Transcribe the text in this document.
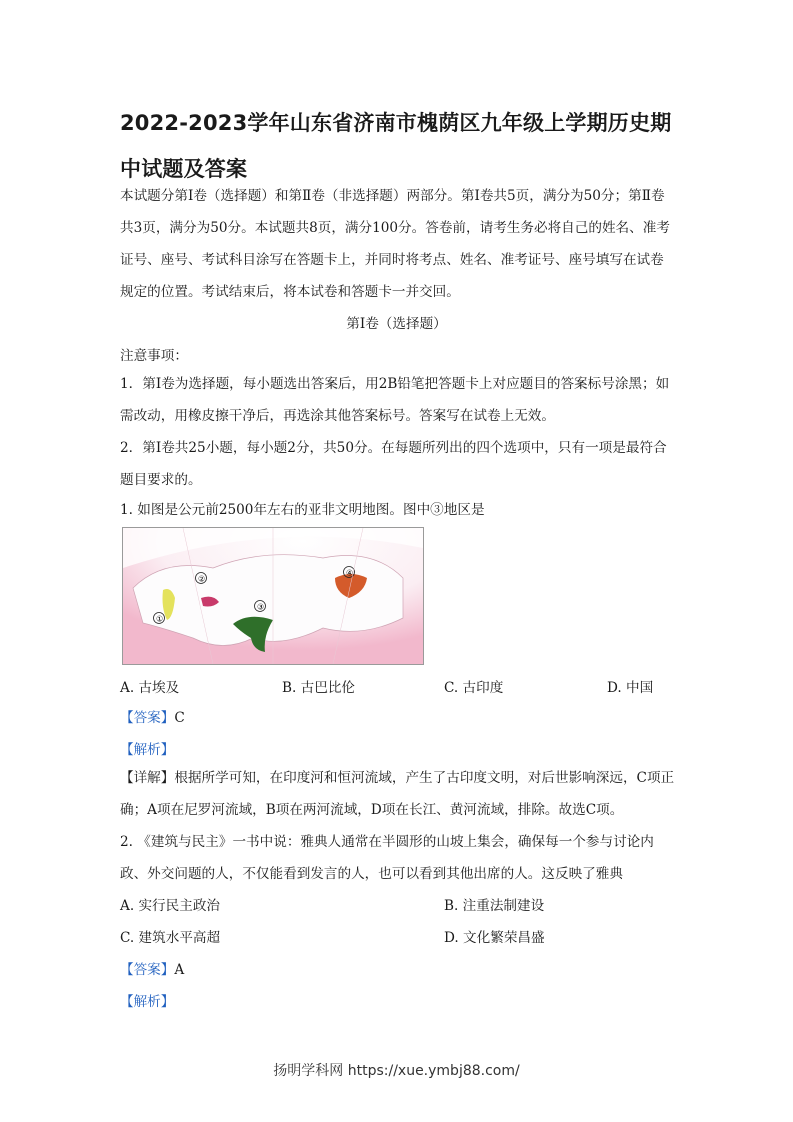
2022-2023学年山东省济南市槐荫区九年级上学期历史期中试题及答案
本试题分第Ⅰ卷（选择题）和第Ⅱ卷（非选择题）两部分。第Ⅰ卷共5页，满分为50分；第Ⅱ卷共3页，满分为50分。本试题共8页，满分100分。答卷前，请考生务必将自己的姓名、准考证号、座号、考试科目涂写在答题卡上，并同时将考点、姓名、准考证号、座号填写在试卷规定的位置。考试结束后，将本试卷和答题卡一并交回。
第Ⅰ卷（选择题）
注意事项：
1．第Ⅰ卷为选择题，每小题选出答案后，用2B铅笔把答题卡上对应题目的答案标号涂黑；如需改动，用橡皮擦干净后，再选涂其他答案标号。答案写在试卷上无效。
2．第Ⅰ卷共25小题，每小题2分，共50分。在每题所列出的四个选项中，只有一项是最符合题目要求的。
1. 如图是公元前2500年左右的亚非文明地图。图中③地区是
①
②
③
④
A. 古埃及	B. 古巴比伦	C. 古印度	D. 中国
【答案】C
【解析】
【详解】根据所学可知，在印度河和恒河流域，产生了古印度文明，对后世影响深远，C项正确；A项在尼罗河流域，B项在两河流域，D项在长江、黄河流域，排除。故选C项。
2. 《建筑与民主》一书中说：雅典人通常在半圆形的山坡上集会，确保每一个参与讨论内政、外交问题的人，不仅能看到发言的人，也可以看到其他出席的人。这反映了雅典
A. 实行民主政治	B. 注重法制建设
C. 建筑水平高超	D. 文化繁荣昌盛
【答案】A
【解析】
扬明学科网 https://xue.ymbj88.com/
